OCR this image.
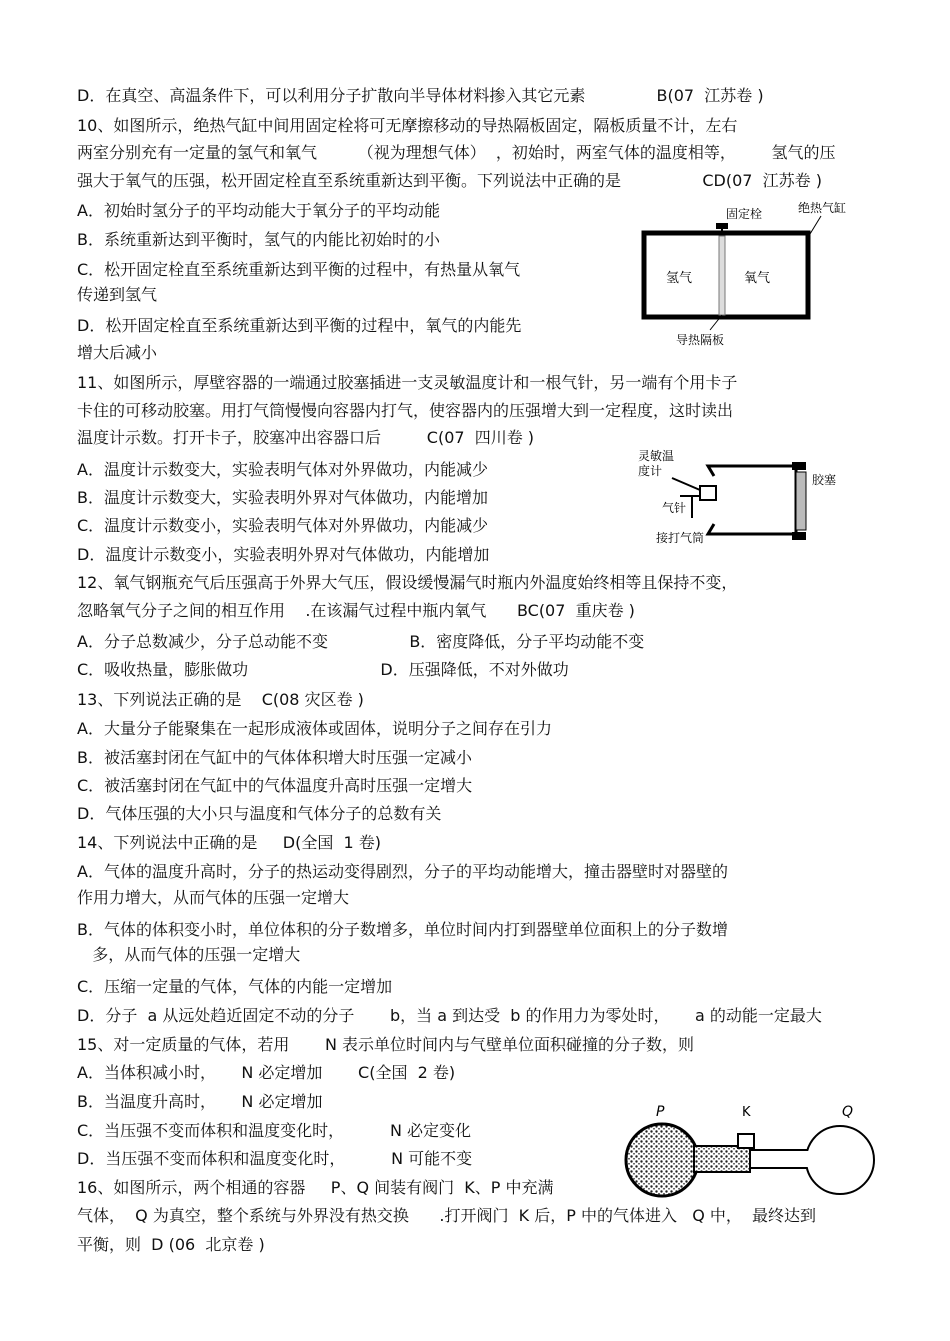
D．在真空、高温条件下，可以利用分子扩散向半导体材料掺入其它元素              B(07  江苏卷 )
10、如图所示，绝热气缸中间用固定栓将可无摩擦移动的导热隔板固定，隔板质量不计，左右
两室分别充有一定量的氢气和氧气        （视为理想气体）  ，初始时，两室气体的温度相等，       氢气的压
强大于氧气的压强，松开固定栓直至系统重新达到平衡。下列说法中正确的是                CD(07  江苏卷 )
A．初始时氢分子的平均动能大于氧分子的平均动能
B．系统重新达到平衡时，氢气的内能比初始时的小
C．松开固定栓直至系统重新达到平衡的过程中，有热量从氧气
传递到氢气
D．松开固定栓直至系统重新达到平衡的过程中，氧气的内能先
增大后减小
11、如图所示，厚壁容器的一端通过胶塞插进一支灵敏温度计和一根气针，另一端有个用卡子
卡住的可移动胶塞。用打气筒慢慢向容器内打气，使容器内的压强增大到一定程度，这时读出
温度计示数。打开卡子，胶塞冲出容器口后         C(07  四川卷 )
A．温度计示数变大，实验表明气体对外界做功，内能减少
B．温度计示数变大，实验表明外界对气体做功，内能增加
C．温度计示数变小，实验表明气体对外界做功，内能减少
D．温度计示数变小，实验表明外界对气体做功，内能增加
12、氧气钢瓶充气后压强高于外界大气压，假设缓慢漏气时瓶内外温度始终相等且保持不变，
忽略氧气分子之间的相互作用    .在该漏气过程中瓶内氧气      BC(07  重庆卷 )
A．分子总数减少，分子总动能不变                B．密度降低，分子平均动能不变
C．吸收热量，膨胀做功                          D．压强降低，不对外做功
13、下列说法正确的是    C(08 灾区卷 )
A．大量分子能聚集在一起形成液体或固体，说明分子之间存在引力
B．被活塞封闭在气缸中的气体体积增大时压强一定减小
C．被活塞封闭在气缸中的气体温度升高时压强一定增大
D．气体压强的大小只与温度和气体分子的总数有关
14、下列说法中正确的是     D(全国  1 卷)
A．气体的温度升高时，分子的热运动变得剧烈，分子的平均动能增大，撞击器壁时对器壁的
作用力增大，从而气体的压强一定增大
B．气体的体积变小时，单位体积的分子数增多，单位时间内打到器壁单位面积上的分子数增
多，从而气体的压强一定增大
C．压缩一定量的气体，气体的内能一定增加
D．分子  a 从远处趋近固定不动的分子       b，当 a 到达受  b 的作用力为零处时，     a 的动能一定最大
15、对一定质量的气体，若用       N 表示单位时间内与气壁单位面积碰撞的分子数，则
A．当体积减小时，     N 必定增加       C(全国  2 卷)
B．当温度升高时，     N 必定增加
C．当压强不变而体积和温度变化时，         N 必定变化
D．当压强不变而体积和温度变化时，         N 可能不变
16、如图所示，两个相通的容器     P、Q 间装有阀门  K、P 中充满
气体，  Q 为真空，整个系统与外界没有热交换      .打开阀门  K 后，P 中的气体进入   Q 中，  最终达到
平衡，则  D (06  北京卷 )
固定栓	绝热气缸
氢气	氧气
导热隔板
灵敏温
度计
胶塞
气针
接打气筒
P	K	Q
